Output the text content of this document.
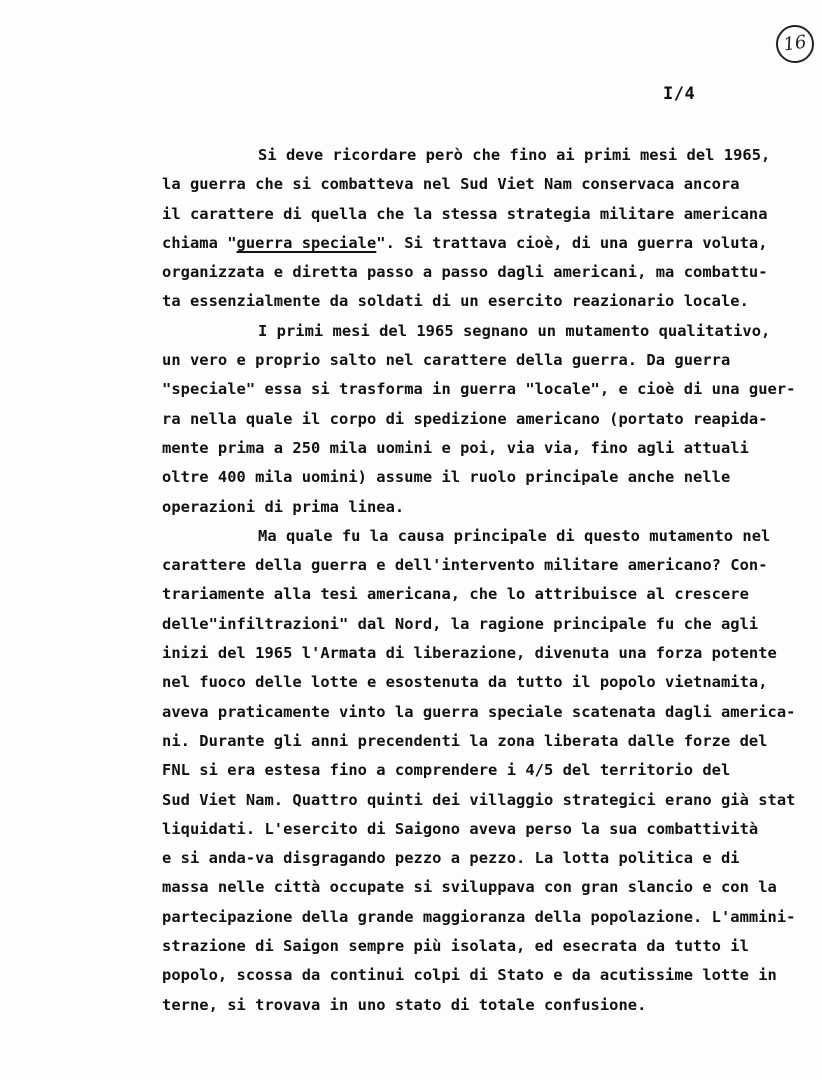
16
I/4
Si deve ricordare però che fino ai primi mesi del 1965,
la guerra che si combatteva nel Sud Viet Nam conservaca ancora
il carattere di quella che la stessa strategia militare americana
chiama "guerra speciale". Si trattava cioè, di una guerra voluta,
organizzata e diretta passo a passo dagli americani, ma combattu-
ta essenzialmente da soldati di un esercito reazionario locale.
I primi mesi del 1965 segnano un mutamento qualitativo,
un vero e proprio salto nel carattere della guerra. Da guerra
"speciale" essa si trasforma in guerra "locale", e cioè di una guer-
ra nella quale il corpo di spedizione americano (portato reapida-
mente prima a 250 mila uomini e poi, via via, fino agli attuali
oltre 400 mila uomini) assume il ruolo principale anche nelle
operazioni di prima linea.
Ma quale fu la causa principale di questo mutamento nel
carattere della guerra e dell'intervento militare americano? Con-
trariamente alla tesi americana, che lo attribuisce al crescere
delle"infiltrazioni" dal Nord, la ragione principale fu che agli
inizi del 1965 l'Armata di liberazione, divenuta una forza potente
nel fuoco delle lotte e esostenuta da tutto il popolo vietnamita,
aveva praticamente vinto la guerra speciale scatenata dagli america-
ni. Durante gli anni precendenti la zona liberata dalle forze del
FNL si era estesa fino a comprendere i 4/5 del territorio del
Sud Viet Nam. Quattro quinti dei villaggio strategici erano già stat
liquidati. L'esercito di Saigono aveva perso la sua combattività
e si anda-va disgragando pezzo a pezzo. La lotta politica e di
massa nelle città occupate si sviluppava con gran slancio e con la
partecipazione della grande maggioranza della popolazione. L'ammini-
strazione di Saigon sempre più isolata, ed esecrata da tutto il
popolo, scossa da continui colpi di Stato e da acutissime lotte in
terne, si trovava in uno stato di totale confusione.
